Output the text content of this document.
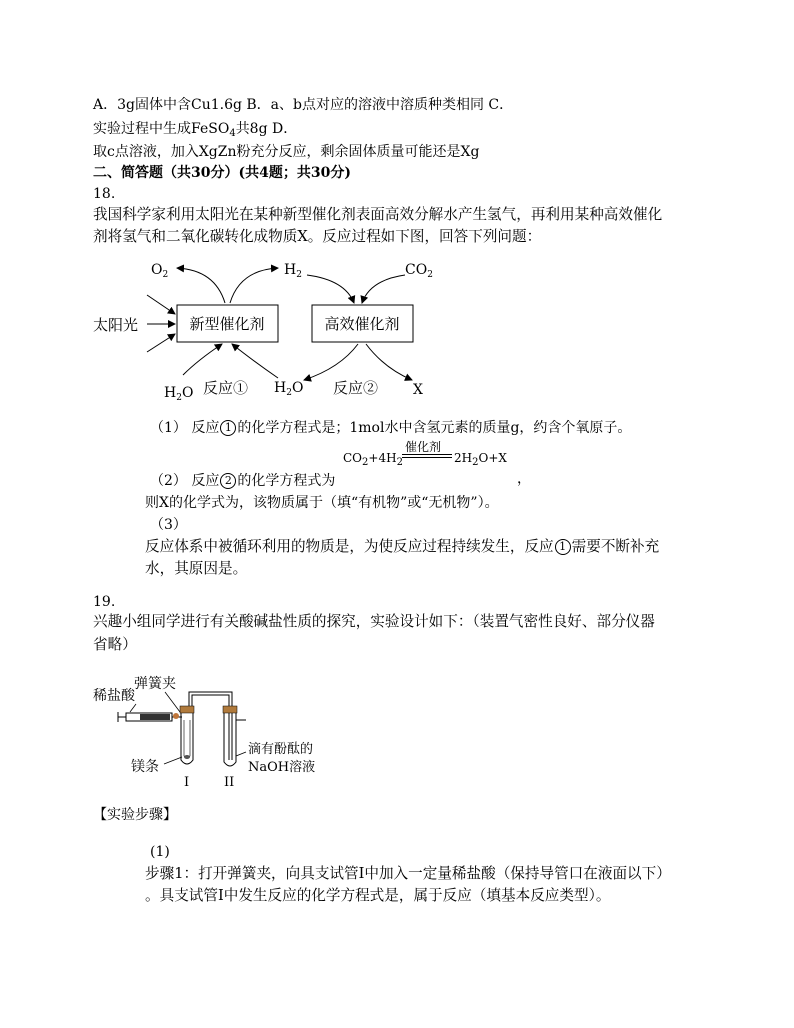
A．3g固体中含Cu1.6g B．a、b点对应的溶液中溶质种类相同 C．
实验过程中生成FeSO$_4$共8g D．
取c点溶液，加入XgZn粉充分反应，剩余固体质量可能还是Xg
二、简答题（共30分）(共4题；共30分)
18.
我国科学家利用太阳光在某种新型催化剂表面高效分解水产生氢气，再利用某种高效催化
剂将氢气和二氧化碳转化成物质X。反应过程如下图，回答下列问题：
新型催化剂	高效催化剂
太阳光
$O_2$	$H_2$	$CO_2$
$H_2O$ 反应① $H_2O$ 反应② X
（1） 反应 1 的化学方程式是；1mol水中含氢元素的质量g，约含个氧原子。
催化剂
$CO_2+4H_2$	$2H_2O+X$
（2） 反应 2 的化学方程式为	，
则X的化学式为，该物质属于（填“有机物”或“无机物”）。
（3）
反应体系中被循环利用的物质是，为使反应过程持续发生，反应 1 需要不断补充
水，其原因是。
19.
兴趣小组同学进行有关酸碱盐性质的探究，实验设计如下：（装置气密性良好、部分仪器
省略）
弹簧夹
稀盐酸
镁条
滴有酚酞的
NaOH溶液
I	II
【实验步骤】
(1)
步骤1：打开弹簧夹，向具支试管I中加入一定量稀盐酸（保持导管口在液面以下）
。具支试管I中发生反应的化学方程式是，属于反应（填基本反应类型）。
